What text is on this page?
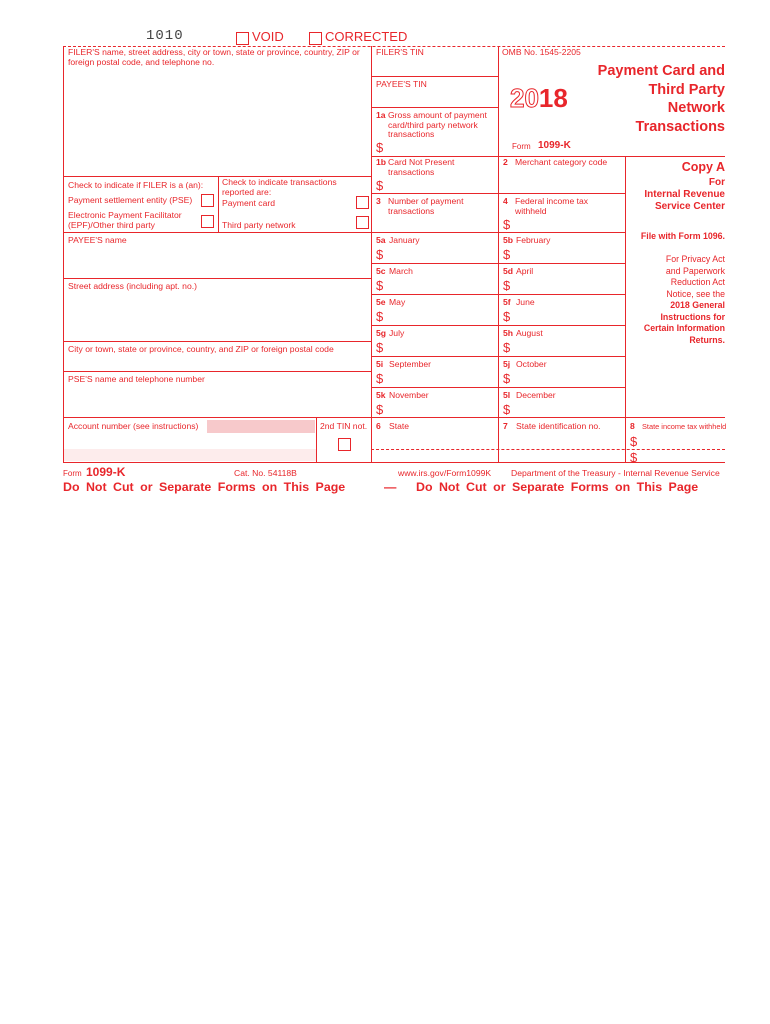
1010	VOID	CORRECTED
FILER'S name, street address, city or town, state or province, country, ZIP or foreign postal code, and telephone no.
Check to indicate if FILER is a (an):
Payment settlement entity (PSE)
Electronic Payment Facilitator (EPF)/Other third party
Check to indicate transactions reported are:
Payment card
Third party network
PAYEE'S name
Street address (including apt. no.)
City or town, state or province, country, and ZIP or foreign postal code
PSE'S name and telephone number
Account number (see instructions)	2nd TIN not.
FILER'S TIN
PAYEE'S TIN
1a Gross amount of payment card/third party network transactions
$
OMB No. 1545-2205
2018
Form 1099-K
Payment Card and
Third Party
Network
Transactions
1b Card Not Present transactions
$
2 Merchant category code
3 Number of payment transactions
4 Federal income tax withheld
$
5a January
$
5b February
$
5c March
$
5d April
$
5e May
$
5f June
$
5g July
$
5h August
$
5i September
$
5j October
$
5k November
$
5l December
$
6 State	7 State identification no.	8 State income tax withheld
$
$
Copy A
For
Internal Revenue
Service Center
File with Form 1096.
For Privacy Act
and Paperwork
Reduction Act
Notice, see the
2018 General
Instructions for
Certain Information
Returns.
Form 1099-K	Cat. No. 54118B	www.irs.gov/Form1099K Department of the Treasury - Internal Revenue Service
Do Not Cut or Separate Forms on This Page	— Do Not Cut or Separate Forms on This Page
